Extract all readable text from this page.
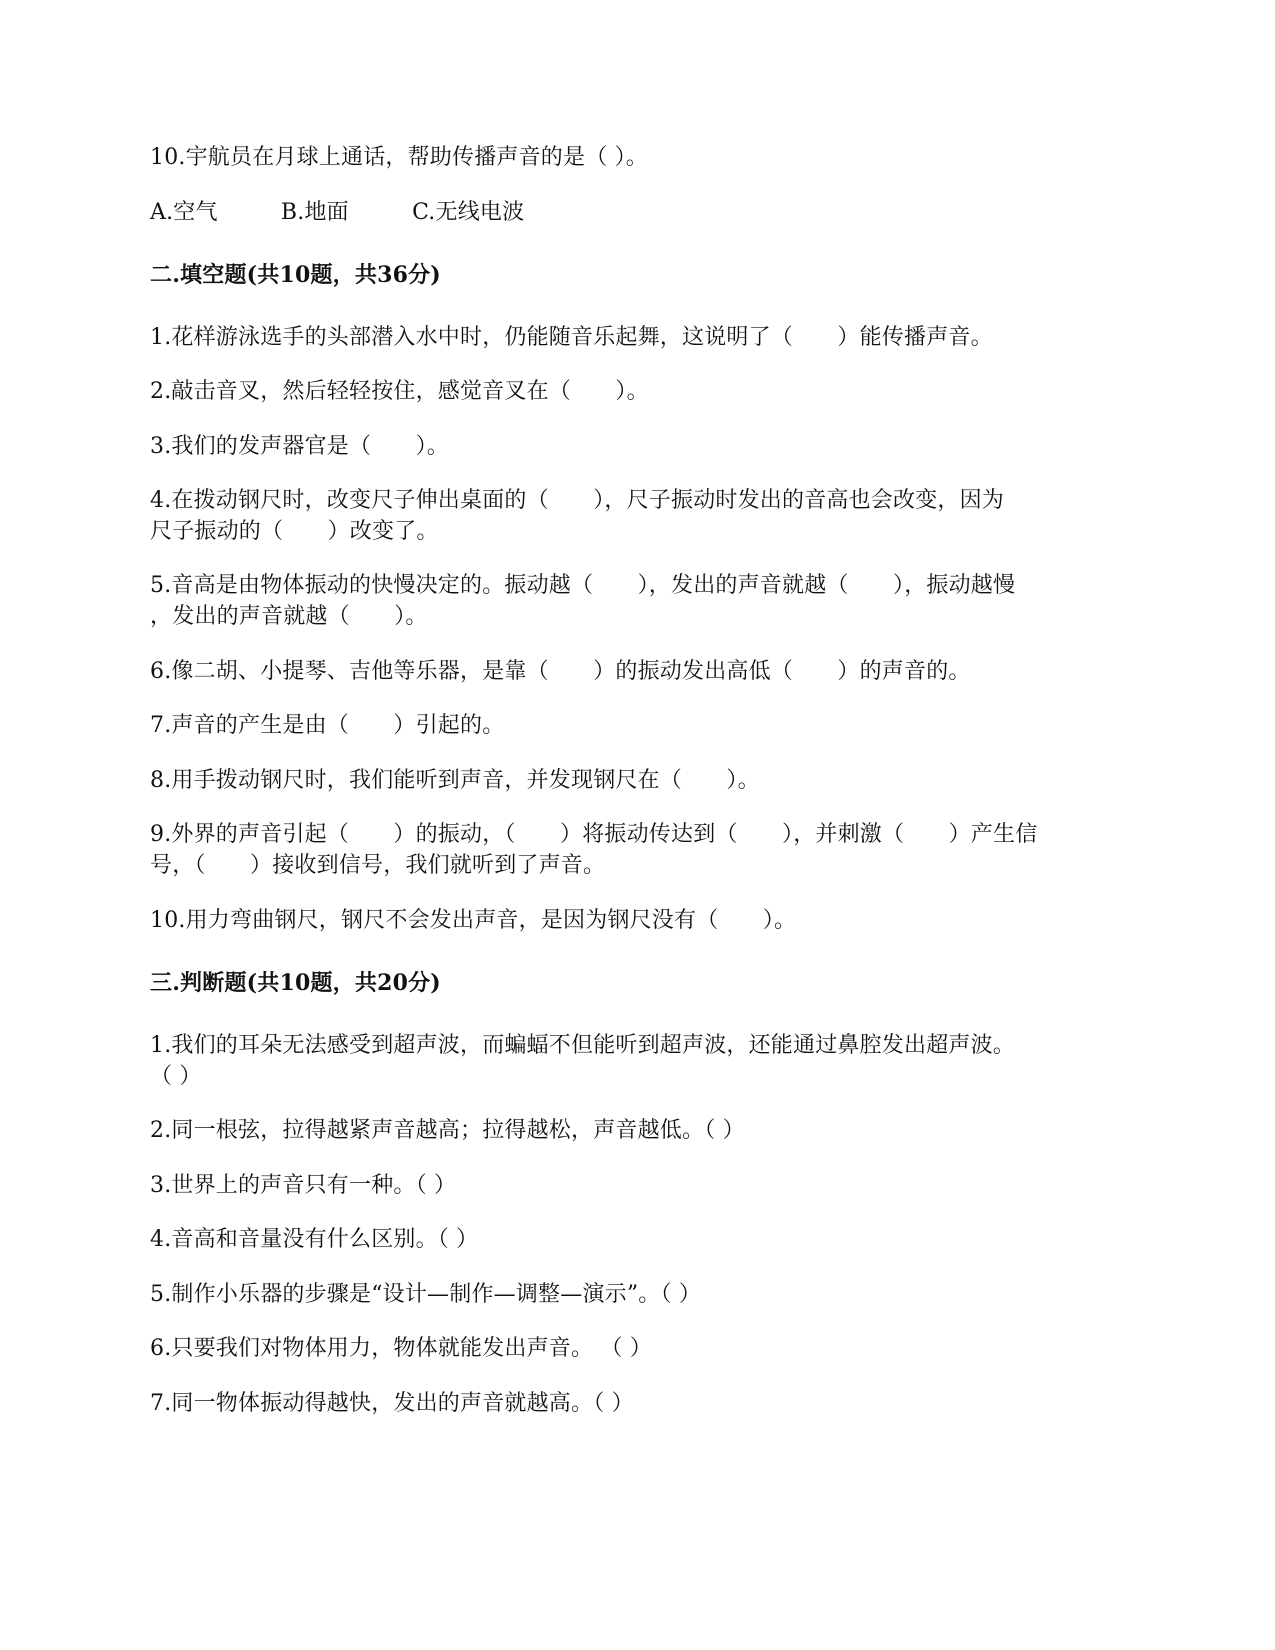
10.宇航员在月球上通话，帮助传播声音的是（ ）。
A.空气	B.地面	C.无线电波
二.填空题(共10题，共36分)
1.花样游泳选手的头部潜入水中时，仍能随音乐起舞，这说明了（　　）能传播声音。
2.敲击音叉，然后轻轻按住，感觉音叉在（　　）。
3.我们的发声器官是（　　）。
4.在拨动钢尺时，改变尺子伸出桌面的（　　），尺子振动时发出的音高也会改变，因为
尺子振动的（　　）改变了。
5.音高是由物体振动的快慢决定的。振动越（　　），发出的声音就越（　　），振动越慢
，发出的声音就越（　　）。
6.像二胡、小提琴、吉他等乐器，是靠（　　）的振动发出高低（　　）的声音的。
7.声音的产生是由（　　）引起的。
8.用手拨动钢尺时，我们能听到声音，并发现钢尺在（　　）。
9.外界的声音引起（　　）的振动，（　　）将振动传达到（　　），并刺激（　　）产生信
号，（　　）接收到信号，我们就听到了声音。
10.用力弯曲钢尺，钢尺不会发出声音，是因为钢尺没有（　　）。
三.判断题(共10题，共20分)
1.我们的耳朵无法感受到超声波，而蝙蝠不但能听到超声波，还能通过鼻腔发出超声波。
（ ）
2.同一根弦，拉得越紧声音越高；拉得越松，声音越低。（ ）
3.世界上的声音只有一种。（ ）
4.音高和音量没有什么区别。（ ）
5.制作小乐器的步骤是“设计—制作—调整—演示”。（ ）
6.只要我们对物体用力，物体就能发出声音。 （ ）
7.同一物体振动得越快，发出的声音就越高。（ ）
